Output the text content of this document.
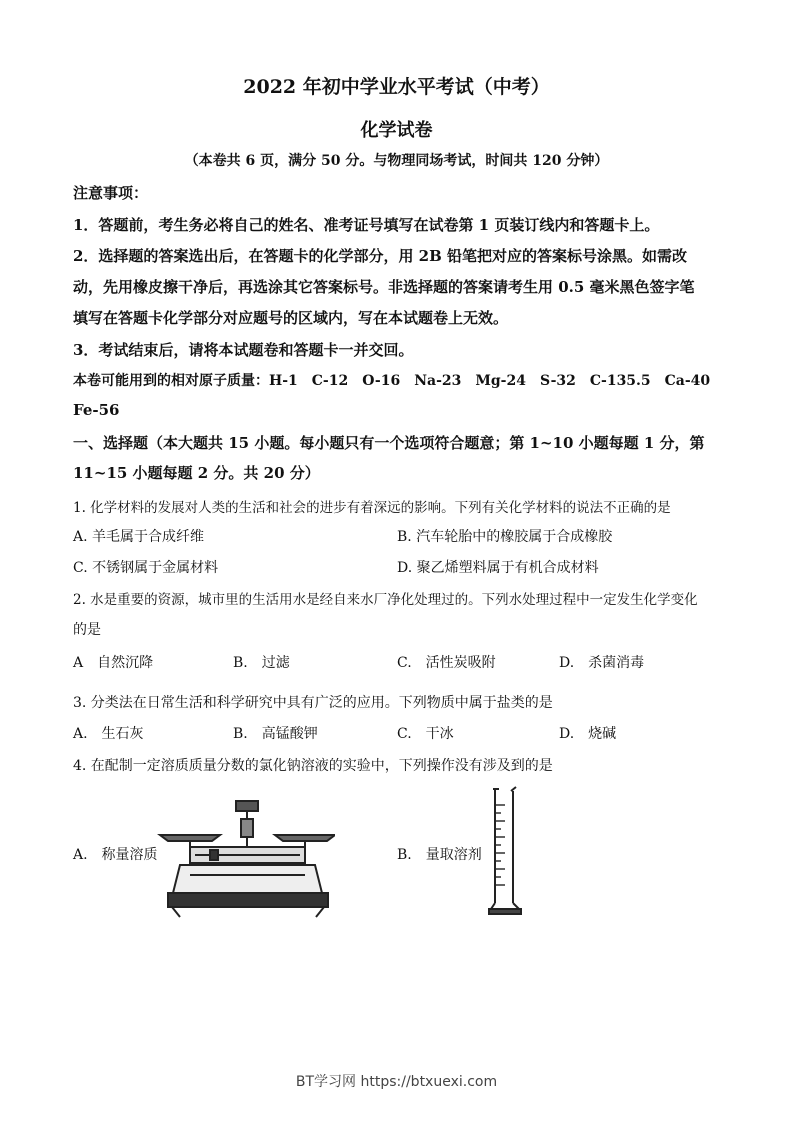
2022 年初中学业水平考试（中考）
化学试卷
（本卷共 6 页，满分 50 分。与物理同场考试，时间共 120 分钟）
注意事项：
1．答题前，考生务必将自己的姓名、准考证号填写在试卷第 1 页装订线内和答题卡上。
2．选择题的答案选出后，在答题卡的化学部分，用 2B 铅笔把对应的答案标号涂黑。如需改
动，先用橡皮擦干净后，再选涂其它答案标号。非选择题的答案请考生用 0.5 毫米黑色签字笔
填写在答题卡化学部分对应题号的区域内，写在本试题卷上无效。
3．考试结束后，请将本试题卷和答题卡一并交回。
本卷可能用到的相对原子质量：H-1　C-12　O-16　Na-23　Mg-24　S-32　C-135.5　Ca-40
Fe-56
一、选择题（本大题共 15 小题。每小题只有一个选项符合题意；第 1~10 小题每题 1 分，第
11~15 小题每题 2 分。共 20 分）
1. 化学材料的发展对人类的生活和社会的进步有着深远的影响。下列有关化学材料的说法不正确的是
A. 羊毛属于合成纤维	B. 汽车轮胎中的橡胶属于合成橡胶
C. 不锈钢属于金属材料	D. 聚乙烯塑料属于有机合成材料
2. 水是重要的资源，城市里的生活用水是经自来水厂净化处理过的。下列水处理过程中一定发生化学变化
的是
A　自然沉降	B.　过滤	C.　活性炭吸附	D.　杀菌消毒
3. 分类法在日常生活和科学研究中具有广泛的应用。下列物质中属于盐类的是
A.　生石灰	B.　高锰酸钾	C.　干冰	D.　烧碱
4. 在配制一定溶质质量分数的氯化钠溶液的实验中，下列操作没有涉及到的是
A.　称量溶质	B.　量取溶剂
BT学习网 https://btxuexi.com
